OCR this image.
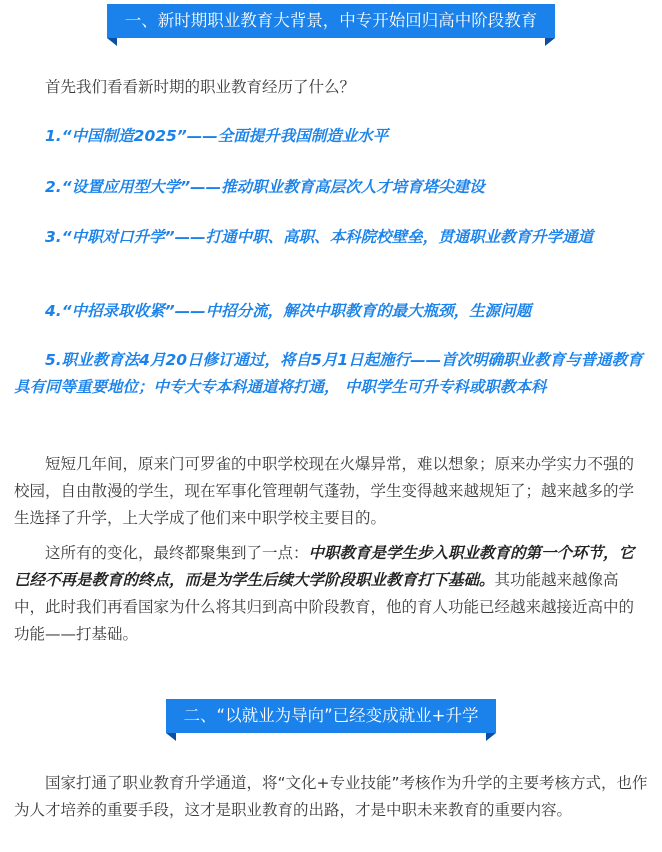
一、新时期职业教育大背景，中专开始回归高中阶段教育

首先我们看看新时期的职业教育经历了什么？

1.“中国制造2025”——全面提升我国制造业水平

2.“设置应用型大学”——推动职业教育高层次人才培育塔尖建设

3.“中职对口升学”——打通中职、高职、本科院校壁垒，贯通职业教育升学通道

4.“中招录取收紧”——中招分流，解决中职教育的最大瓶颈，生源问题

5.职业教育法4月20日修订通过，将自5月1日起施行——首次明确职业教育与普通教育具有同等重要地位；中专大专本科通道将打通， 中职学生可升专科或职教本科

短短几年间，原来门可罗雀的中职学校现在火爆异常，难以想象；原来办学实力不强的校园，自由散漫的学生，现在军事化管理朝气蓬勃，学生变得越来越规矩了；越来越多的学生选择了升学，上大学成了他们来中职学校主要目的。

这所有的变化，最终都聚集到了一点：中职教育是学生步入职业教育的第一个环节，它已经不再是教育的终点，而是为学生后续大学阶段职业教育打下基础。其功能越来越像高中，此时我们再看国家为什么将其归到高中阶段教育，他的育人功能已经越来越接近高中的功能——打基础。

二、“以就业为导向”已经变成就业+升学

国家打通了职业教育升学通道，将“文化+专业技能”考核作为升学的主要考核方式，也作为人才培养的重要手段，这才是职业教育的出路，才是中职未来教育的重要内容。
